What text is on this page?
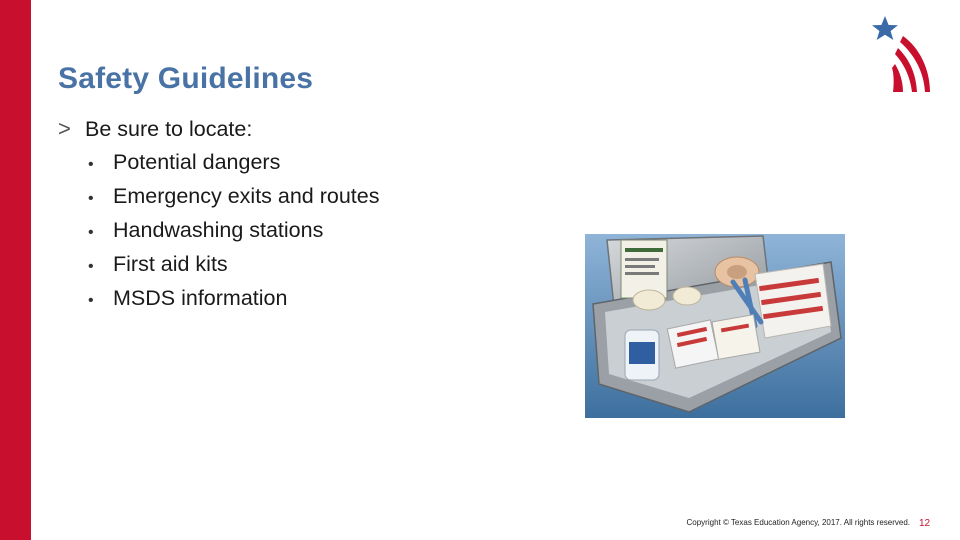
Safety Guidelines
> Be sure to locate:
• Potential dangers
• Emergency exits and routes
• Handwashing stations
• First aid kits
• MSDS information
Copyright © Texas Education Agency, 2017. All rights reserved. 12
